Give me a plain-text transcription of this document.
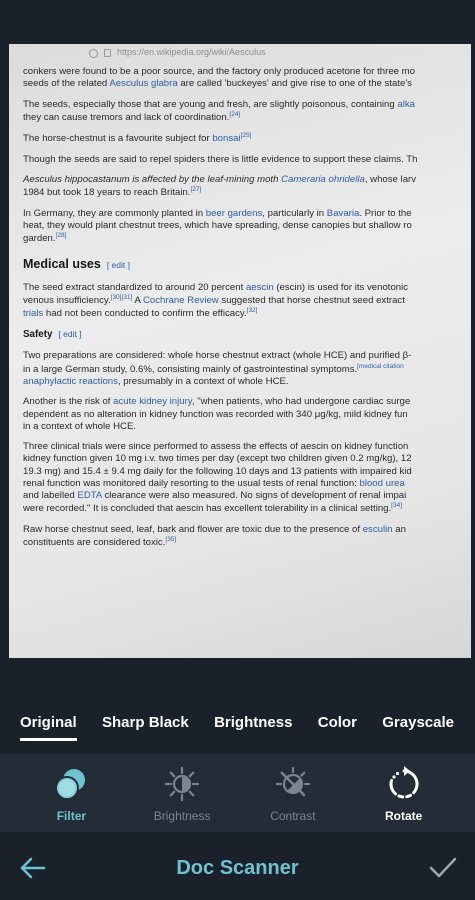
https://en.wikipedia.org/wiki/Aesculus

conkers were found to be a poor source, and the factory only produced acetone for three mo

seeds of the related Aesculus glabra are called 'buckeyes' and give rise to one of the state's

The seeds, especially those that are young and fresh, are slightly poisonous, containing alka

they can cause tremors and lack of coordination.[24]

The horse-chestnut is a favourite subject for bonsai[25]

Though the seeds are said to repel spiders there is little evidence to support these claims. Th

Aesculus hippocastanum is affected by the leaf-mining moth Cameraria ohridella, whose larv

1984 but took 18 years to reach Britain.[27]

In Germany, they are commonly planted in beer gardens, particularly in Bavaria. Prior to the

heat, they would plant chestnut trees, which have spreading, dense canopies but shallow ro

garden.[28]

Medical uses [ edit ]

The seed extract standardized to around 20 percent aescin (escin) is used for its venotonic

venous insufficiency.[30][31] A Cochrane Review suggested that horse chestnut seed extract

trials had not been conducted to confirm the efficacy.[32]

Safety [ edit ]

Two preparations are considered: whole horse chestnut extract (whole HCE) and purified β-

in a large German study, 0.6%, consisting mainly of gastrointestinal symptoms.$^{[medical citation}$

anaphylactic reactions, presumably in a context of whole HCE.

Another is the risk of acute kidney injury, "when patients, who had undergone cardiac surge

dependent as no alteration in kidney function was recorded with 340 μg/kg, mild kidney fun

in a context of whole HCE.

Three clinical trials were since performed to assess the effects of aescin on kidney function

kidney function given 10 mg i.v. two times per day (except two children given 0.2 mg/kg), 12

19.3 mg) and 15.4 ± 9.4 mg daily for the following 10 days and 13 patients with impaired kid

renal function was monitored daily resorting to the usual tests of renal function: blood urea

and labelled EDTA clearance were also measured. No signs of development of renal impai

were recorded." It is concluded that aescin has excellent tolerability in a clinical setting.[34]

Raw horse chestnut seed, leaf, bark and flower are toxic due to the presence of esculin an

constituents are considered toxic.[35]

Original Sharp Black Brightness Color Grayscale
Filter	Brightness	Contrast	Rotate
Doc Scanner
